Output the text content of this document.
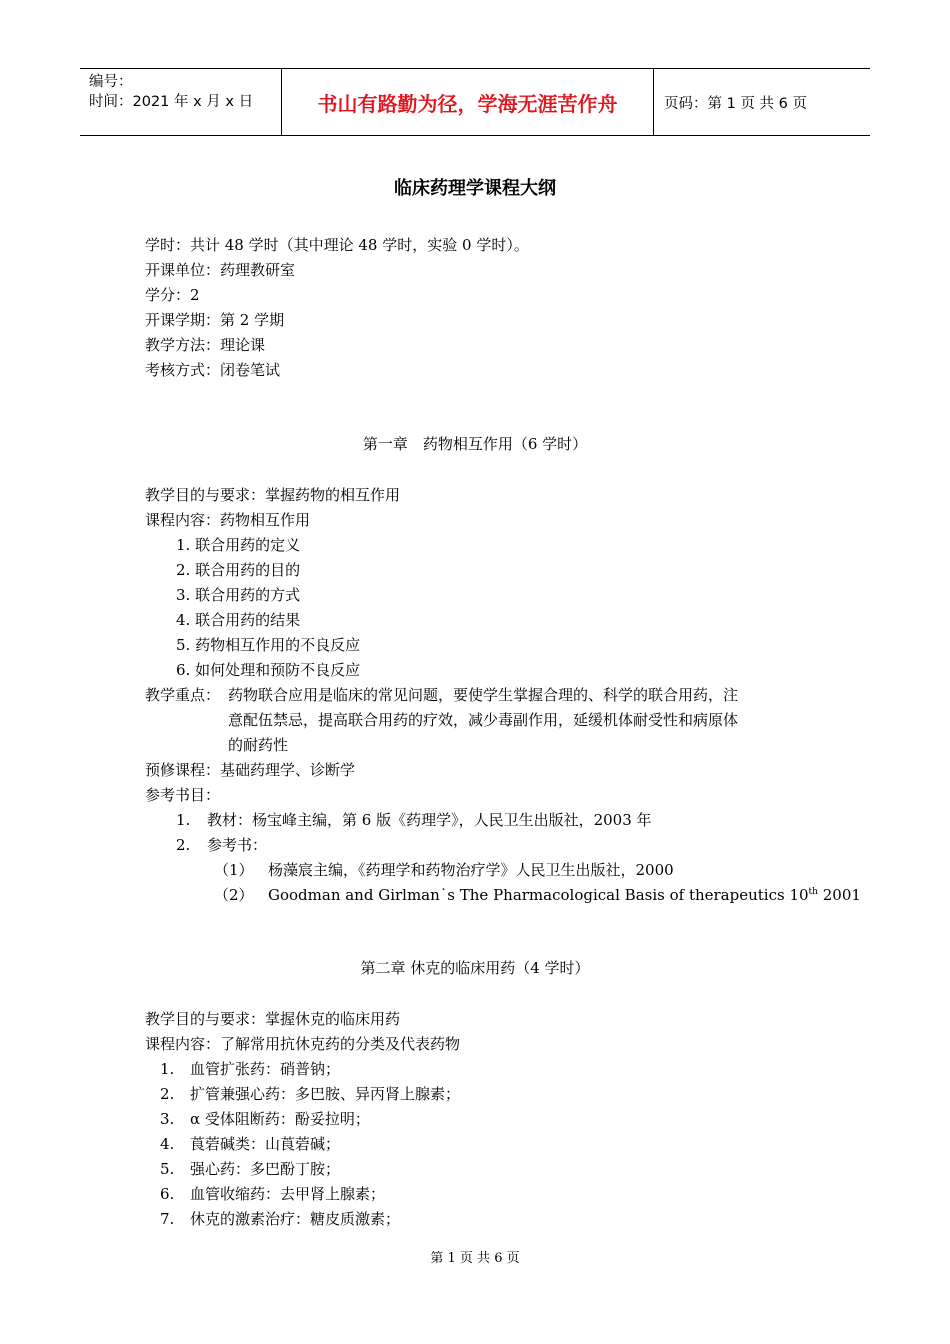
编号：
时间：2021 年 x 月 x 日	书山有路勤为径，学海无涯苦作舟	页码：第 1 页 共 6 页
临床药理学课程大纲
学时：共计 48 学时（其中理论 48 学时，实验 0 学时）。
开课单位：药理教研室
学分：2
开课学期：第 2 学期
教学方法：理论课
考核方式：闭卷笔试
第一章　药物相互作用（6 学时）
教学目的与要求：掌握药物的相互作用
课程内容：药物相互作用
1. 联合用药的定义
2. 联合用药的目的
3. 联合用药的方式
4. 联合用药的结果
5. 药物相互作用的不良反应
6. 如何处理和预防不良反应
教学重点： 药物联合应用是临床的常见问题，要使学生掌握合理的、科学的联合用药，注
意配伍禁忌，提高联合用药的疗效，减少毒副作用，延缓机体耐受性和病原体
的耐药性
预修课程：基础药理学、诊断学
参考书目：
1. 教材：杨宝峰主编，第 6 版《药理学》，人民卫生出版社，2003 年
2. 参考书：
（1） 杨藻宸主编，《药理学和药物治疗学》人民卫生出版社，2000
（2） Goodman and Girlman˙s The Pharmacological Basis of therapeutics 10th 2001
第二章 休克的临床用药（4 学时）
教学目的与要求：掌握休克的临床用药
课程内容：了解常用抗休克药的分类及代表药物
1. 血管扩张药：硝普钠；
2. 扩管兼强心药：多巴胺、异丙肾上腺素；
3. α 受体阻断药：酚妥拉明；
4. 莨菪碱类：山莨菪碱；
5. 强心药：多巴酚丁胺；
6. 血管收缩药：去甲肾上腺素；
7. 休克的激素治疗：糖皮质激素；
第 1 页 共 6 页
